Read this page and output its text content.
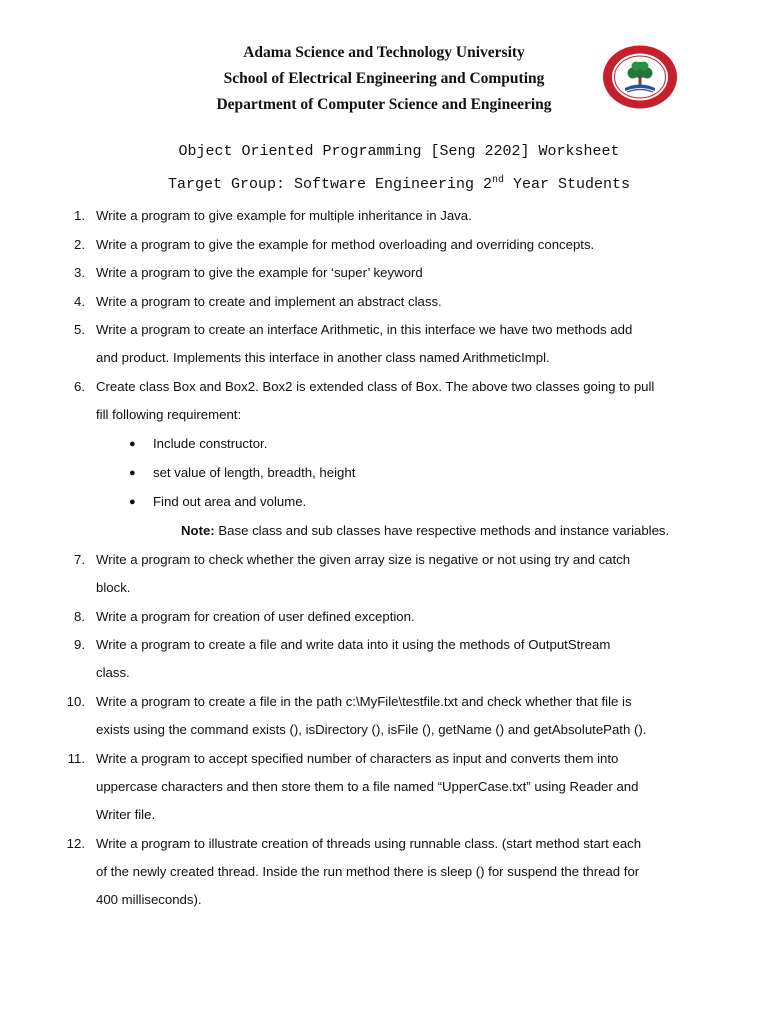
Adama Science and Technology University
School of Electrical Engineering and Computing
Department of Computer Science and Engineering
Object Oriented Programming [Seng 2202] Worksheet
Target Group: Software Engineering 2nd Year Students
1. Write a program to give example for multiple inheritance in Java.
2. Write a program to give the example for method overloading and overriding concepts.
3. Write a program to give the example for ‘super’ keyword
4. Write a program to create and implement an abstract class.
5. Write a program to create an interface Arithmetic, in this interface we have two methods add
and product. Implements this interface in another class named ArithmeticImpl.
6. Create class Box and Box2. Box2 is extended class of Box. The above two classes going to pull
fill following requirement:
● Include constructor.
● set value of length, breadth, height
● Find out area and volume.
Note: Base class and sub classes have respective methods and instance variables.
7. Write a program to check whether the given array size is negative or not using try and catch
block.
8. Write a program for creation of user defined exception.
9. Write a program to create a file and write data into it using the methods of OutputStream
class.
10. Write a program to create a file in the path c:\MyFile\testfile.txt and check whether that file is
exists using the command exists (), isDirectory (), isFile (), getName () and getAbsolutePath ().
11. Write a program to accept specified number of characters as input and converts them into
uppercase characters and then store them to a file named “UpperCase.txt” using Reader and
Writer file.
12. Write a program to illustrate creation of threads using runnable class. (start method start each
of the newly created thread. Inside the run method there is sleep () for suspend the thread for
400 milliseconds).
